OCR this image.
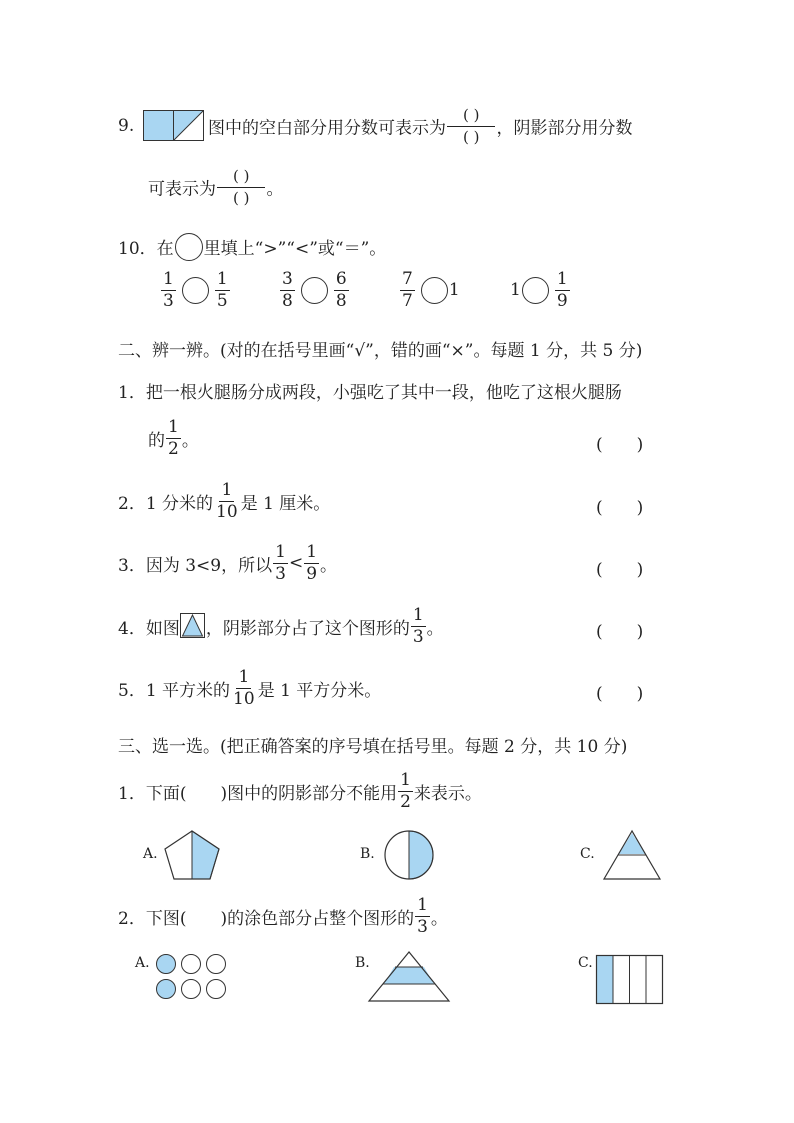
9.	图中的空白部分用分数可表示为 $\frac{( )}{( )}$ ，阴影部分用分数
可表示为 $\frac{( )}{( )}$ 。
10．在 里填上“>”“<”或“＝”。
$\frac{1}{3} \frac{1}{5}$	$\frac{3}{8} \frac{6}{8}$	$\frac{7}{7} 1$	$1 \frac{1}{9}$
二、辨一辨。(对的在括号里画“√”，错的画“×”。每题 1 分，共 5 分)
1．把一根火腿肠分成两段，小强吃了其中一段，他吃了这根火腿肠
的 $\frac{1}{2}$ 。	(　　)
2．1 分米的 $\frac{1}{10}$ 是 1 厘米。	(　　)
3．因为 3<9，所以 $\frac{1}{3} < \frac{1}{9}$ 。	(　　)
4．如图 ，阴影部分占了这个图形的 $\frac{1}{3}$ 。	(　　)
5．1 平方米的 $\frac{1}{10}$ 是 1 平方分米。	(　　)
三、选一选。(把正确答案的序号填在括号里。每题 2 分，共 10 分)
1．下面(　　)图中的阴影部分不能用 $\frac{1}{2}$ 来表示。
A.	B.	C.
2．下图(　　)的涂色部分占整个图形的 $\frac{1}{3}$ 。
A.	B.	C.
